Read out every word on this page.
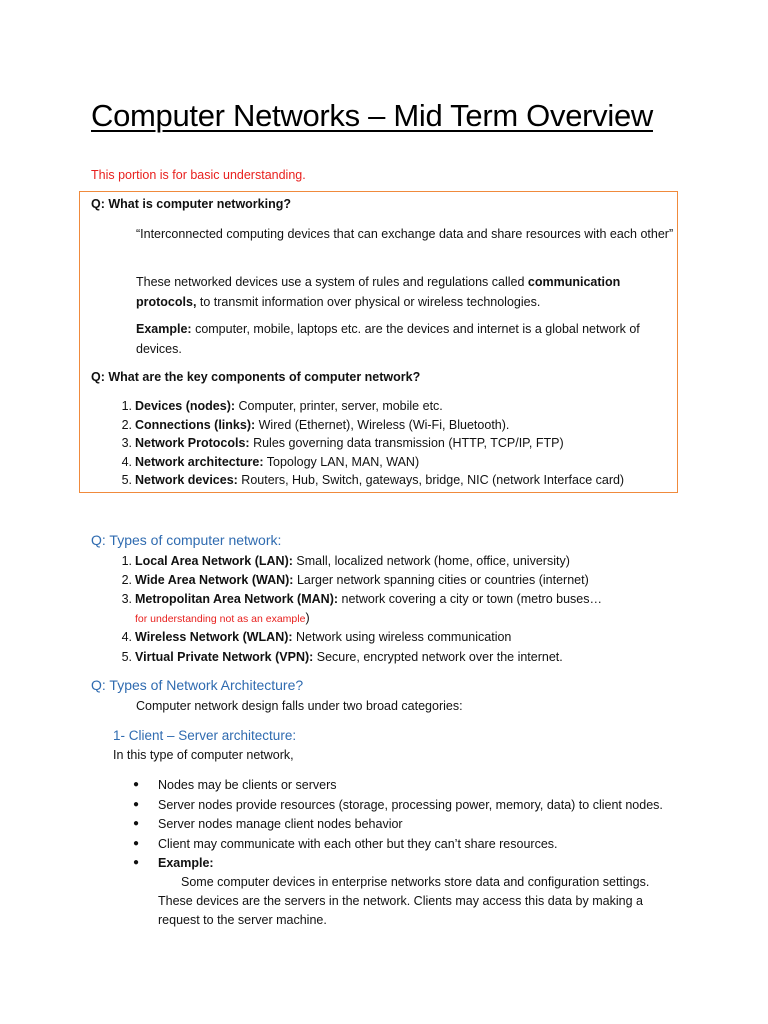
Computer Networks – Mid Term Overview
This portion is for basic understanding.
Q: What is computer networking?
“Interconnected computing devices that can exchange data and share resources with each other”
These networked devices use a system of rules and regulations called communication protocols, to transmit information over physical or wireless technologies.
Example: computer, mobile, laptops etc. are the devices and internet is a global network of devices.
Q: What are the key components of computer network?
1. Devices (nodes): Computer, printer, server, mobile etc.
2. Connections (links): Wired (Ethernet), Wireless (Wi-Fi, Bluetooth).
3. Network Protocols: Rules governing data transmission (HTTP, TCP/IP, FTP)
4. Network architecture: Topology LAN, MAN, WAN)
5. Network devices: Routers, Hub, Switch, gateways, bridge, NIC (network Interface card)
Q: Types of computer network:
1. Local Area Network (LAN): Small, localized network (home, office, university)
2. Wide Area Network (WAN): Larger network spanning cities or countries (internet)
3. Metropolitan Area Network (MAN): network covering a city or town (metro buses…
for understanding not as an example)
4. Wireless Network (WLAN): Network using wireless communication
5. Virtual Private Network (VPN): Secure, encrypted network over the internet.
Q: Types of Network Architecture?
Computer network design falls under two broad categories:
1- Client – Server architecture:
In this type of computer network,
● Nodes may be clients or servers
● Server nodes provide resources (storage, processing power, memory, data) to client nodes.
● Server nodes manage client nodes behavior
● Client may communicate with each other but they can’t share resources.
● Example:
Some computer devices in enterprise networks store data and configuration settings.
These devices are the servers in the network. Clients may access this data by making a
request to the server machine.
